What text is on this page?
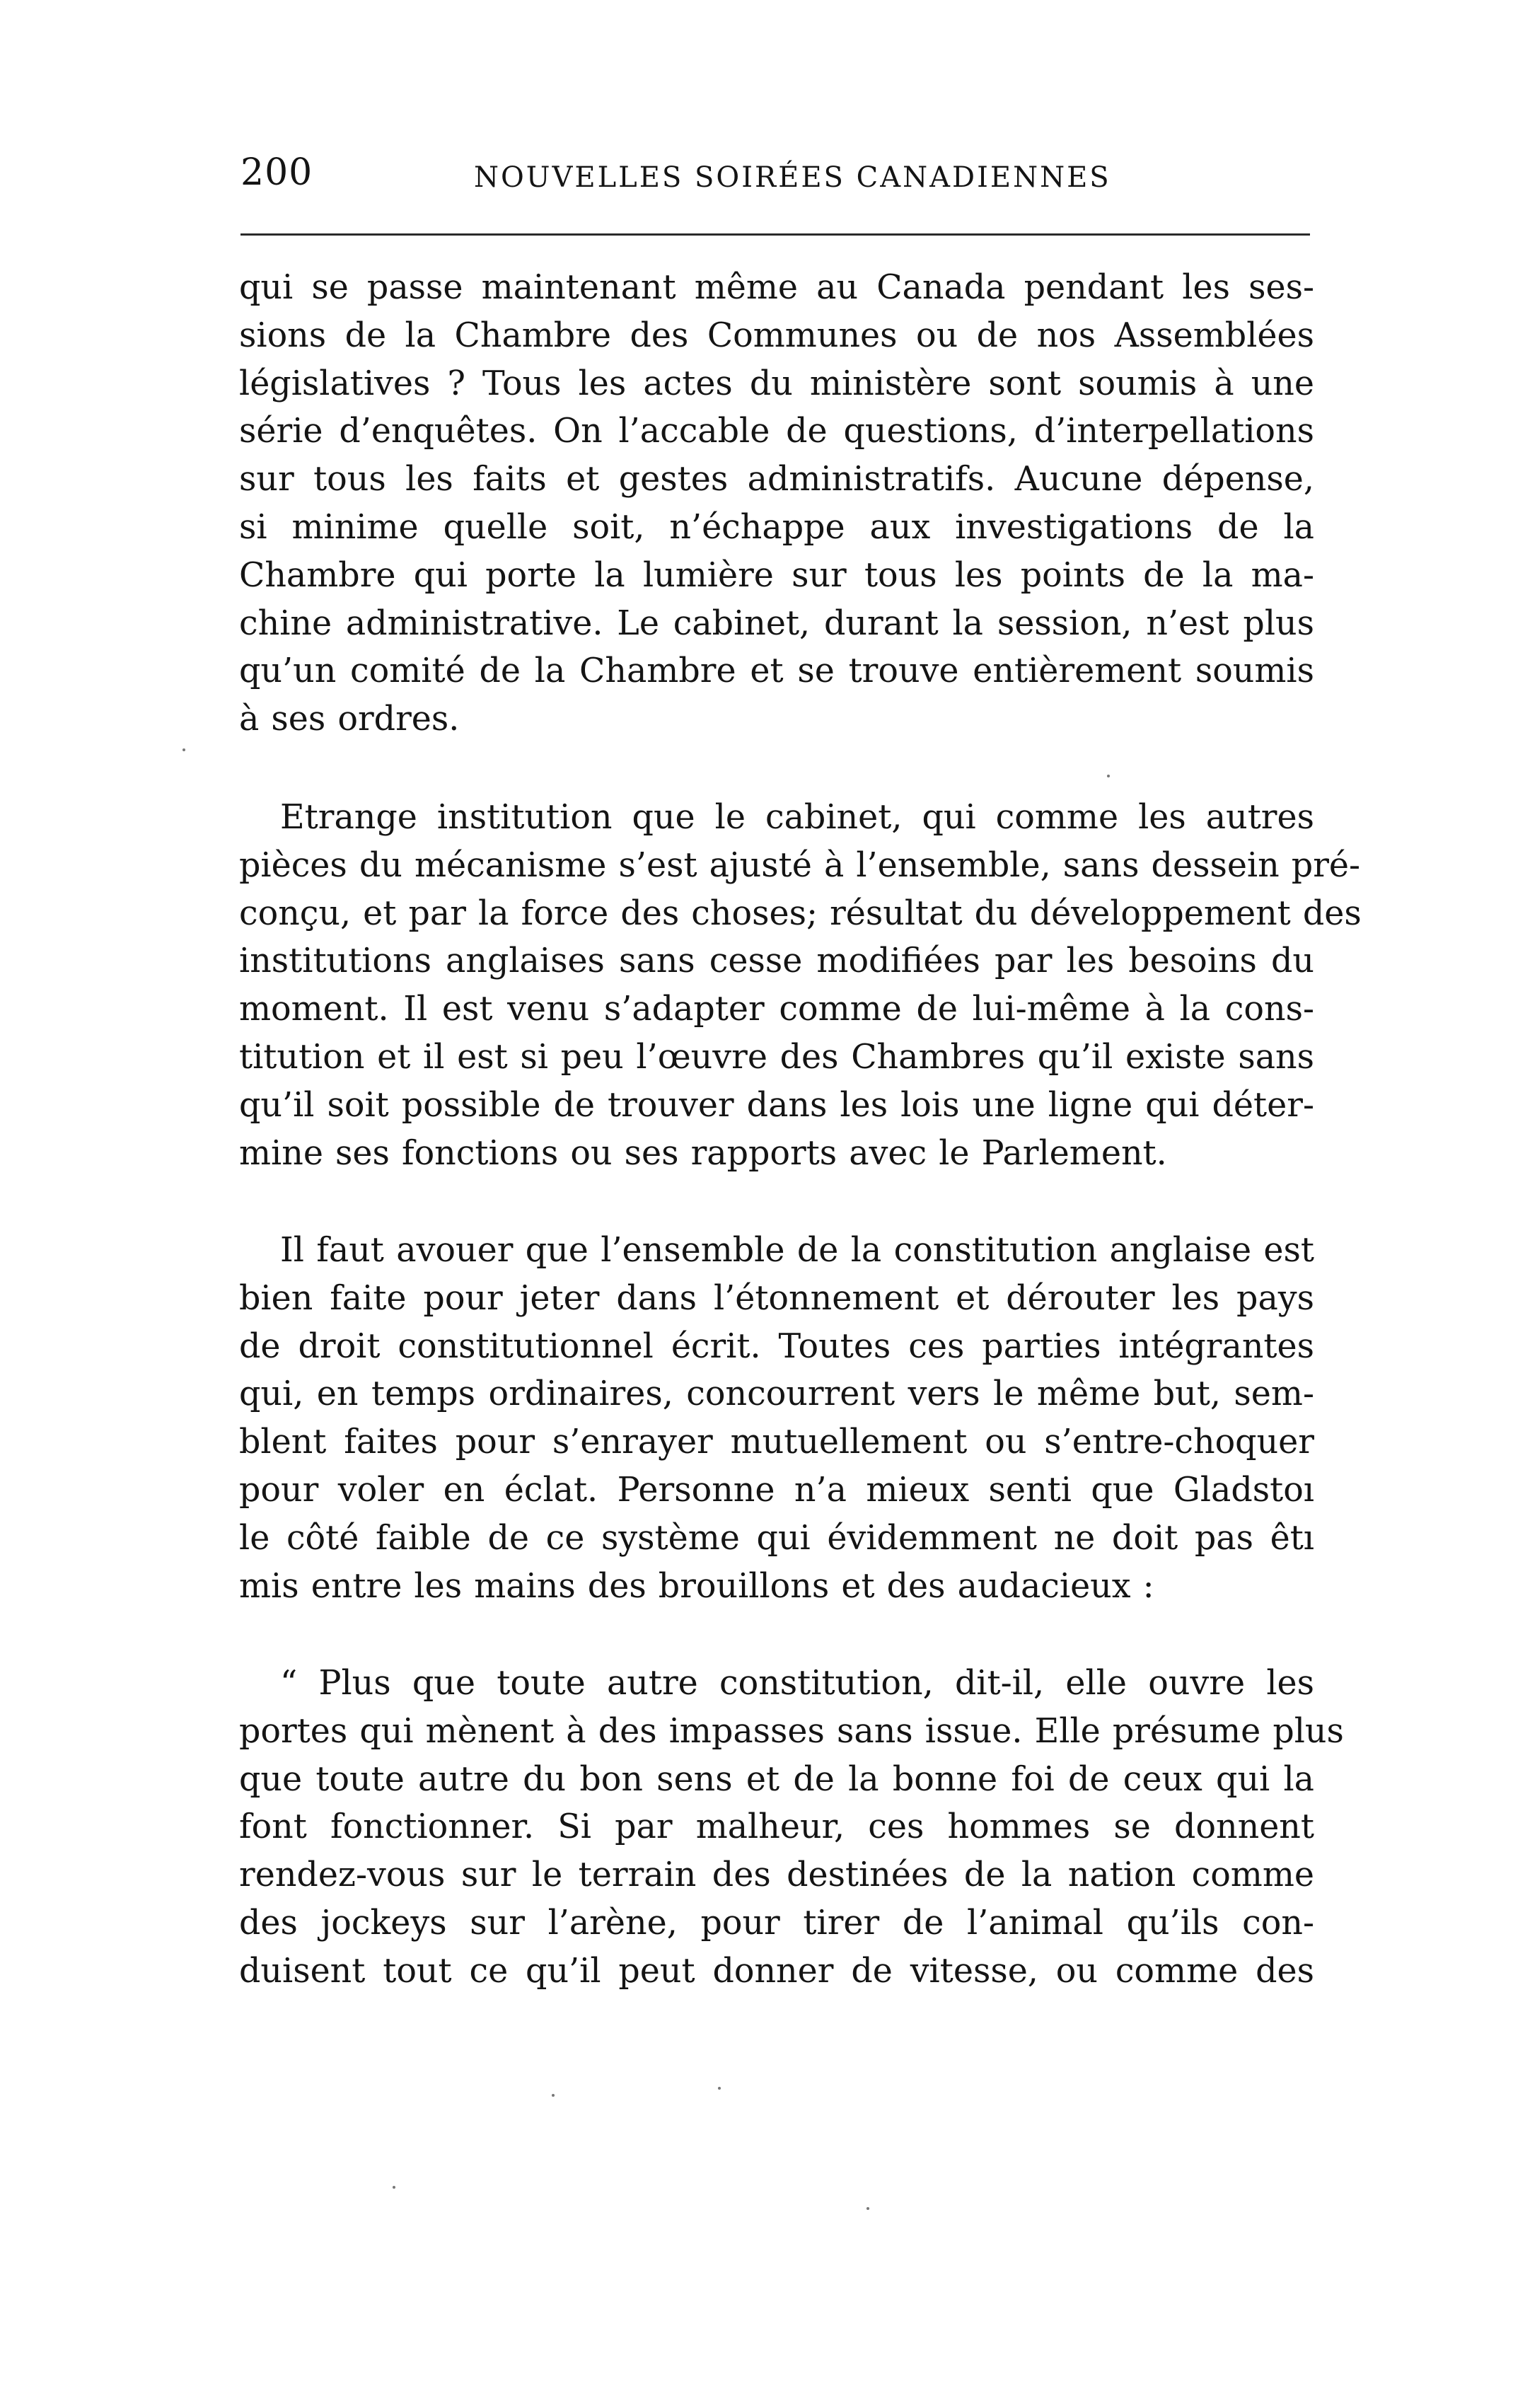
200	NOUVELLES SOIRÉES CANADIENNES
qui se passe maintenant même au Canada pendant les ses-
sions de la Chambre des Communes ou de nos Assemblées
législatives ? Tous les actes du ministère sont soumis à une
série d’enquêtes. On l’accable de questions, d’interpellations
sur tous les faits et gestes administratifs. Aucune dépense,
si minime quelle soit, n’échappe aux investigations de la
Chambre qui porte la lumière sur tous les points de la ma-
chine administrative. Le cabinet, durant la session, n’est plus
qu’un comité de la Chambre et se trouve entièrement soumis
à ses ordres.
Etrange institution que le cabinet, qui comme les autres
pièces du mécanisme s’est ajusté à l’ensemble, sans dessein pré-
conçu, et par la force des choses; résultat du développement des
institutions anglaises sans cesse modifiées par les besoins du
moment. Il est venu s’adapter comme de lui-même à la cons-
titution et il est si peu l’œuvre des Chambres qu’il existe sans
qu’il soit possible de trouver dans les lois une ligne qui déter-
mine ses fonctions ou ses rapports avec le Parlement.
Il faut avouer que l’ensemble de la constitution anglaise est
bien faite pour jeter dans l’étonnement et dérouter les pays
de droit constitutionnel écrit. Toutes ces parties intégrantes
qui, en temps ordinaires, concourrent vers le même but, sem-
blent faites pour s’enrayer mutuellement ou s’entre-choquer
pour voler en éclat. Personne n’a mieux senti que Gladstoı
le côté faible de ce système qui évidemment ne doit pas êtı
mis entre les mains des brouillons et des audacieux :
“ Plus que toute autre constitution, dit-il, elle ouvre les
portes qui mènent à des impasses sans issue. Elle présume plus
que toute autre du bon sens et de la bonne foi de ceux qui la
font fonctionner. Si par malheur, ces hommes se donnent
rendez-vous sur le terrain des destinées de la nation comme
des jockeys sur l’arène, pour tirer de l’animal qu’ils con-
duisent tout ce qu’il peut donner de vitesse, ou comme des
